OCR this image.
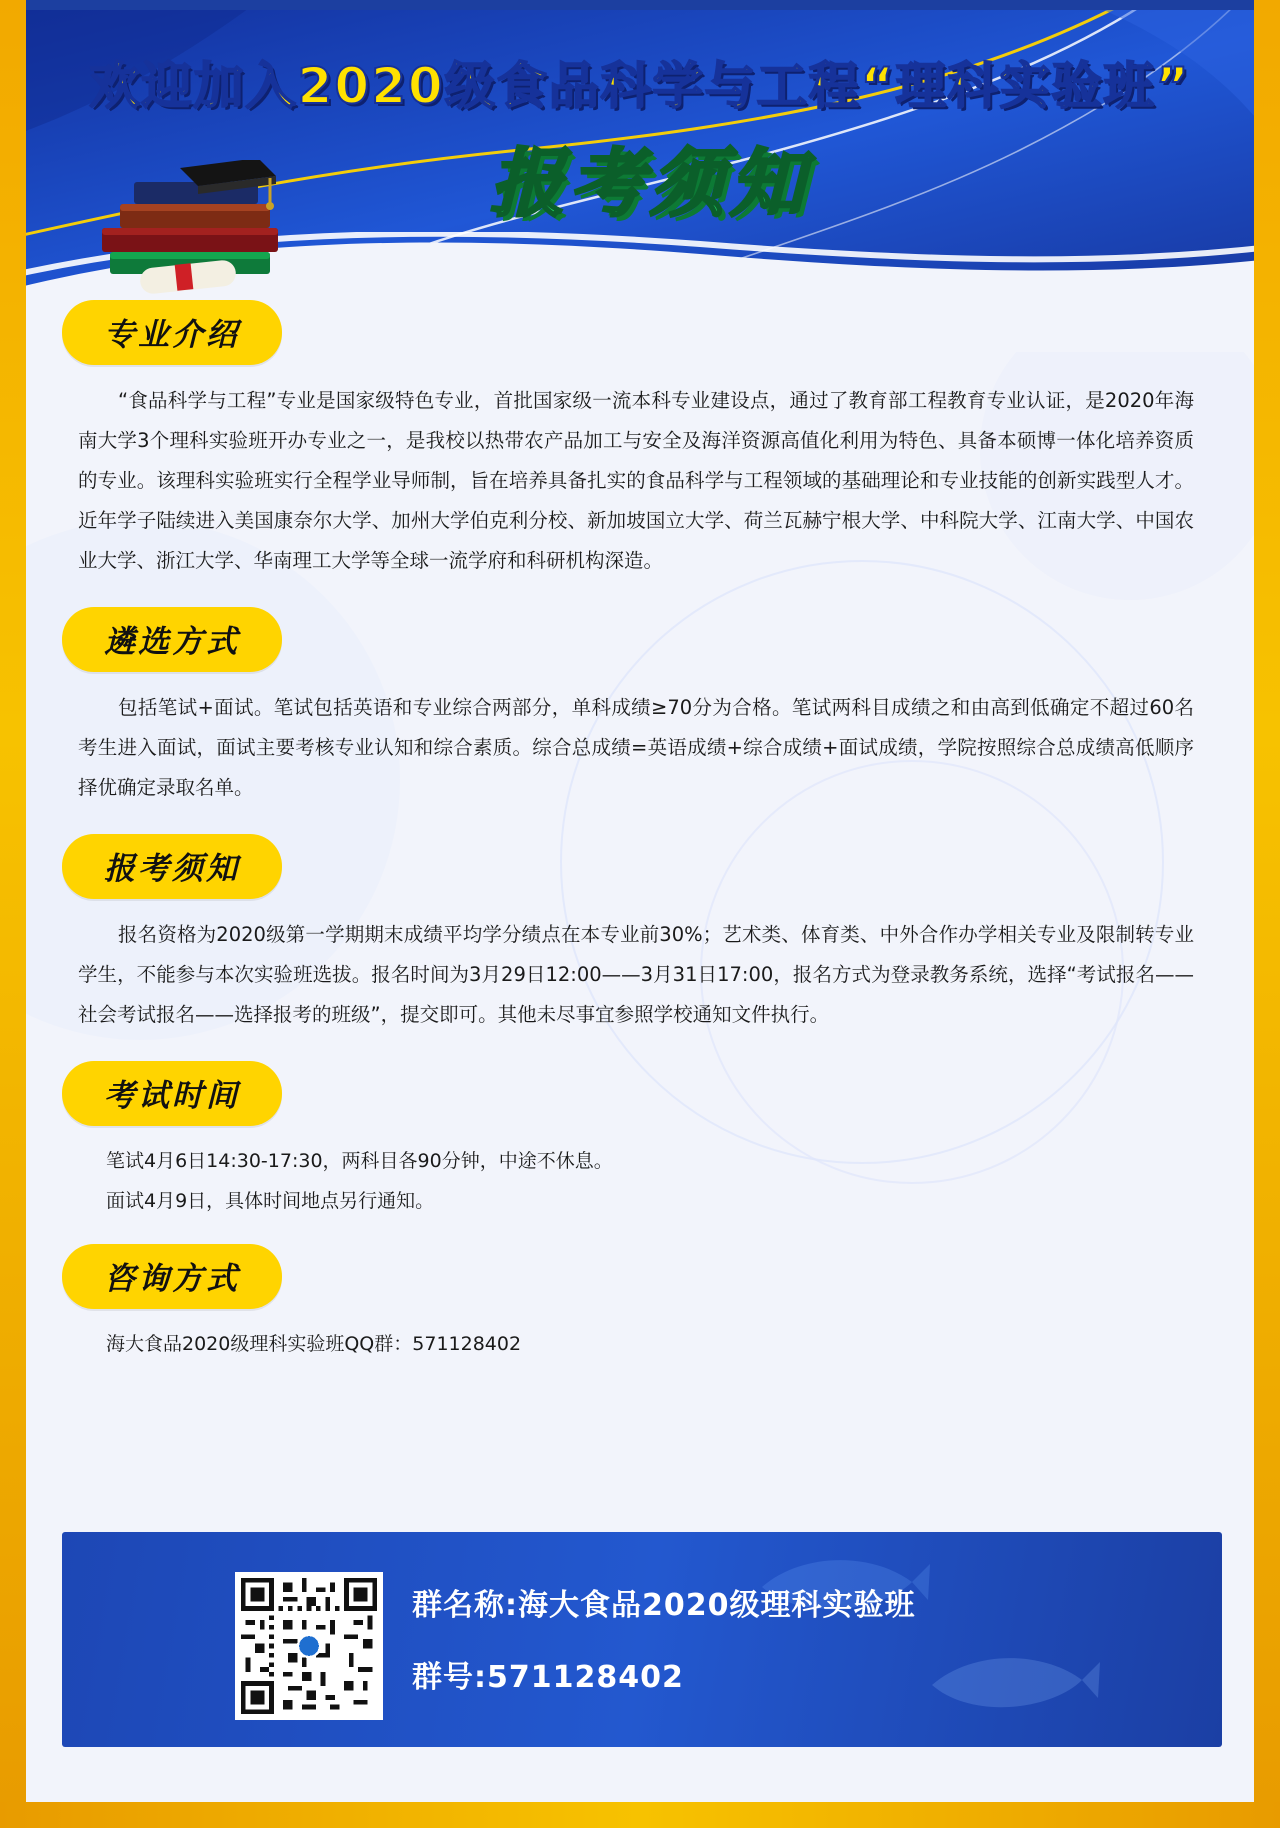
欢迎加入2020级食品科学与工程“理科实验班”
报考须知
专业介绍

“食品科学与工程”专业是国家级特色专业，首批国家级一流本科专业建设点，通过了教育部工程教育专业认证，是2020年海南大学3个理科实验班开办专业之一，是我校以热带农产品加工与安全及海洋资源高值化利用为特色、具备本硕博一体化培养资质的专业。该理科实验班实行全程学业导师制，旨在培养具备扎实的食品科学与工程领域的基础理论和专业技能的创新实践型人才。近年学子陆续进入美国康奈尔大学、加州大学伯克利分校、新加坡国立大学、荷兰瓦赫宁根大学、中科院大学、江南大学、中国农业大学、浙江大学、华南理工大学等全球一流学府和科研机构深造。

遴选方式

包括笔试+面试。笔试包括英语和专业综合两部分，单科成绩≥70分为合格。笔试两科目成绩之和由高到低确定不超过60名考生进入面试，面试主要考核专业认知和综合素质。综合总成绩=英语成绩+综合成绩+面试成绩，学院按照综合总成绩高低顺序择优确定录取名单。

报考须知

报名资格为2020级第一学期期末成绩平均学分绩点在本专业前30%；艺术类、体育类、中外合作办学相关专业及限制转专业学生，不能参与本次实验班选拔。报名时间为3月29日12:00——3月31日17:00，报名方式为登录教务系统，选择“考试报名——社会考试报名——选择报考的班级”，提交即可。其他未尽事宜参照学校通知文件执行。

考试时间

笔试4月6日14:30-17:30，两科目各90分钟，中途不休息。

面试4月9日，具体时间地点另行通知。

咨询方式

海大食品2020级理科实验班QQ群：571128402

群名称:海大食品2020级理科实验班
群号:571128402
